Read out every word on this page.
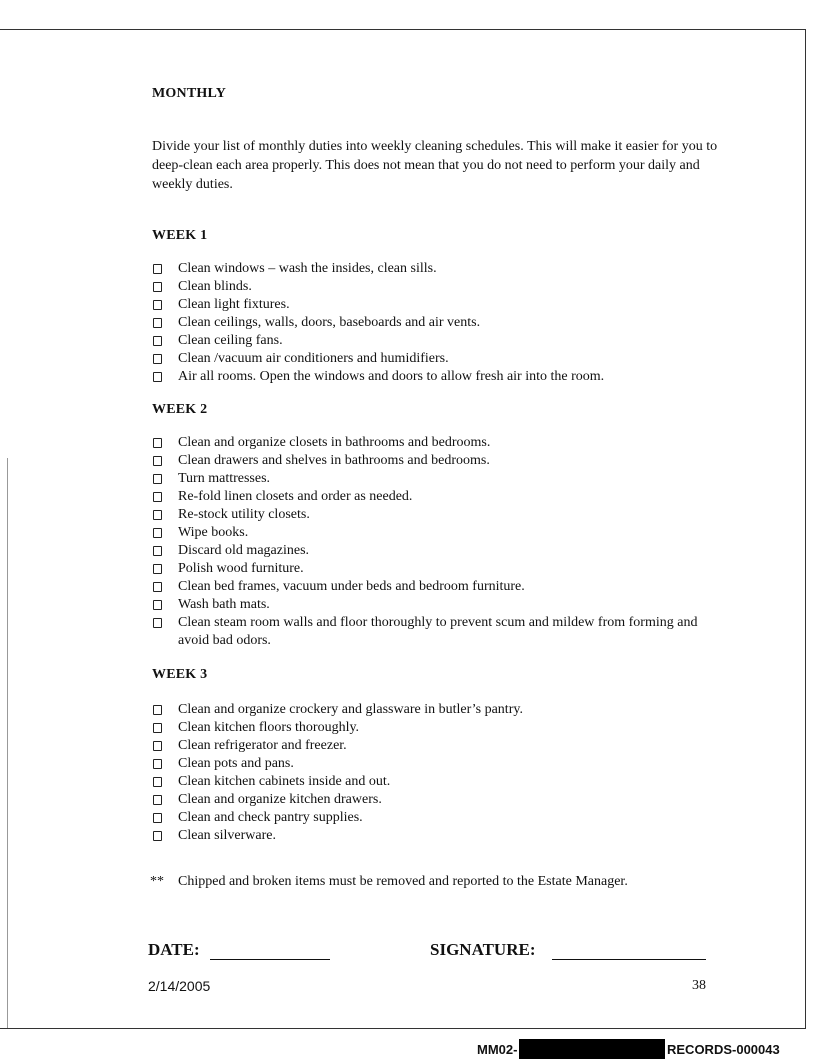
MONTHLY
Divide your list of monthly duties into weekly cleaning schedules. This will make it easier for you to deep-clean each area properly. This does not mean that you do not need to perform your daily and weekly duties.
WEEK 1
Clean windows – wash the insides, clean sills.
Clean blinds.
Clean light fixtures.
Clean ceilings, walls, doors, baseboards and air vents.
Clean ceiling fans.
Clean /vacuum air conditioners and humidifiers.
Air all rooms. Open the windows and doors to allow fresh air into the room.
WEEK 2
Clean and organize closets in bathrooms and bedrooms.
Clean drawers and shelves in bathrooms and bedrooms.
Turn mattresses.
Re-fold linen closets and order as needed.
Re-stock utility closets.
Wipe books.
Discard old magazines.
Polish wood furniture.
Clean bed frames, vacuum under beds and bedroom furniture.
Wash bath mats.
Clean steam room walls and floor thoroughly to prevent scum and mildew from forming and avoid bad odors.
WEEK 3
Clean and organize crockery and glassware in butler’s pantry.
Clean kitchen floors thoroughly.
Clean refrigerator and freezer.
Clean pots and pans.
Clean kitchen cabinets inside and out.
Clean and organize kitchen drawers.
Clean and check pantry supplies.
Clean silverware.
** Chipped and broken items must be removed and reported to the Estate Manager.
DATE:	SIGNATURE:
2/14/2005	38
MM02-	RECORDS-000043
